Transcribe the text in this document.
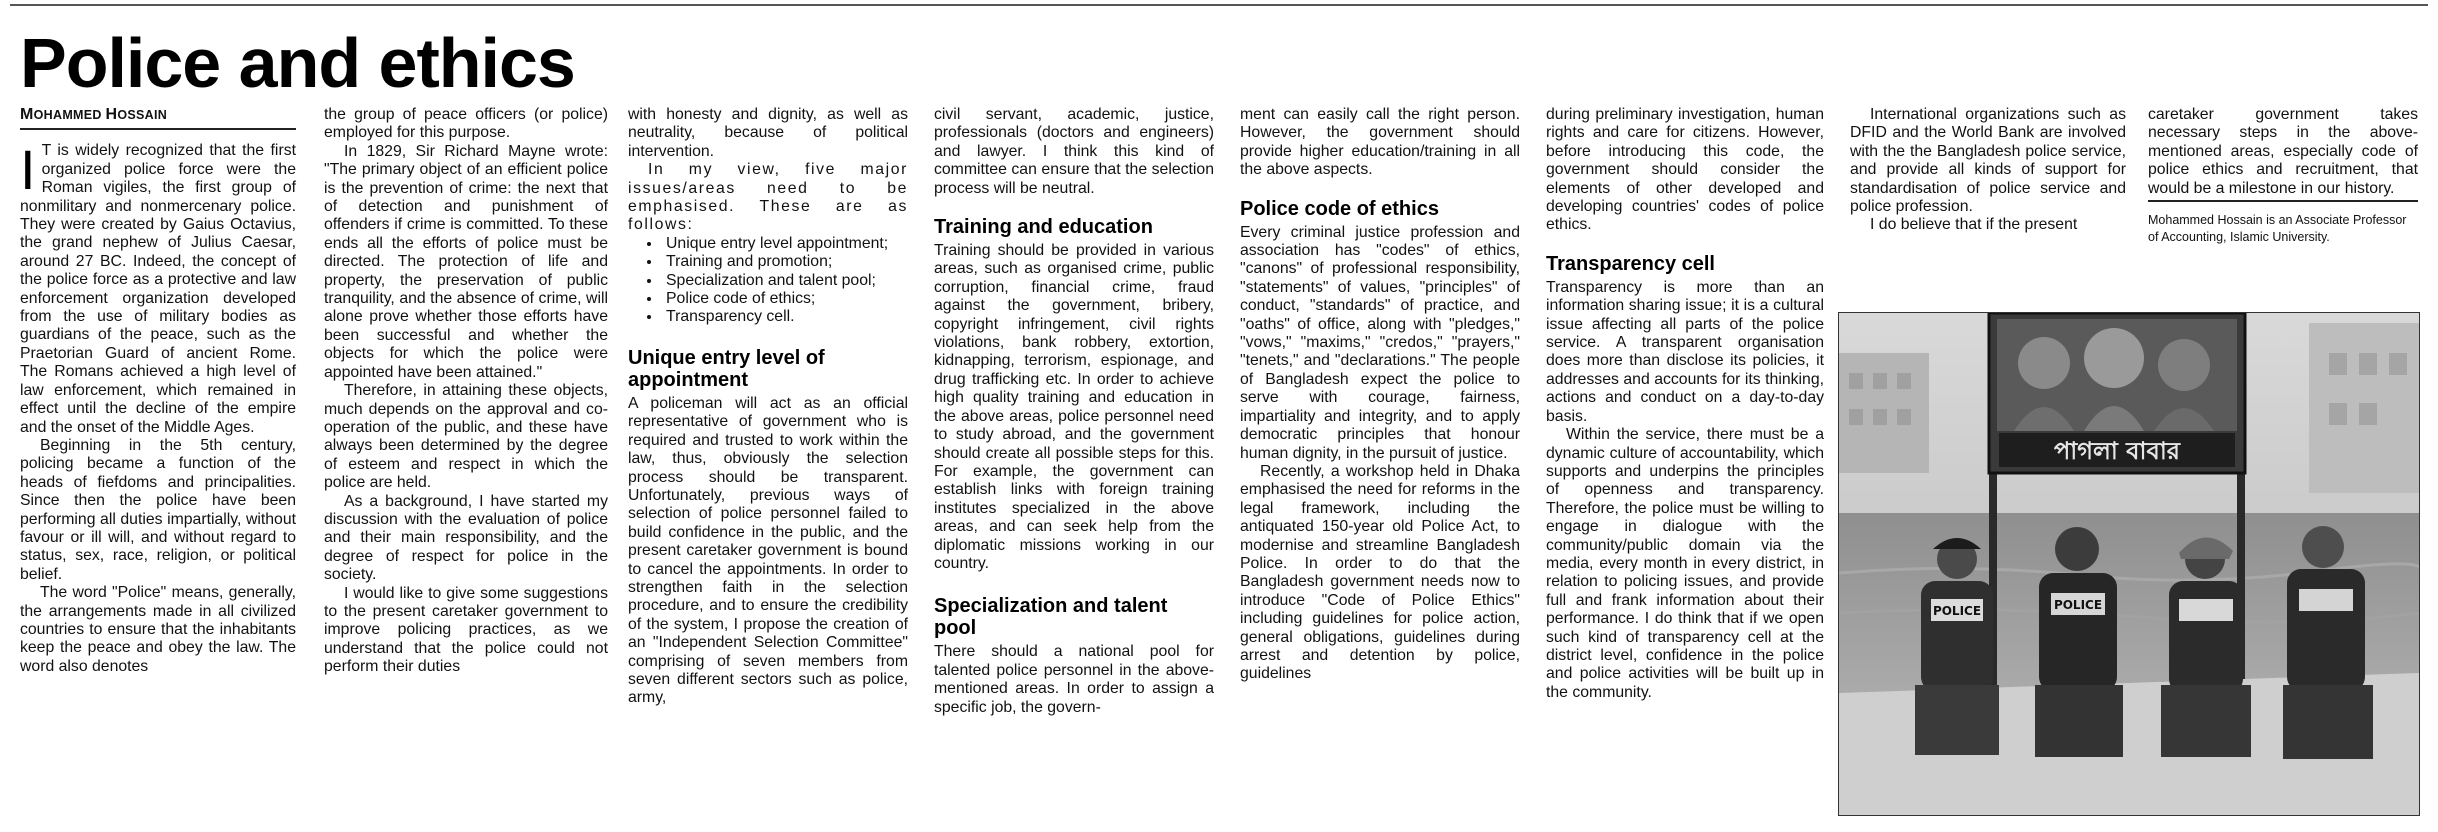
Police and ethics
MOHAMMED HOSSAIN

I T is widely recognized that the first organized police force were the Roman vigiles, the first group of nonmilitary and nonmercenary police. They were created by Gaius Octavius, the grand nephew of Julius Caesar, around 27 BC. Indeed, the concept of the police force as a protective and law enforcement organization developed from the use of military bodies as guardians of the peace, such as the Praetorian Guard of ancient Rome. The Romans achieved a high level of law enforcement, which remained in effect until the decline of the empire and the onset of the Middle Ages.

Beginning in the 5th century, policing became a function of the heads of fiefdoms and principalities. Since then the police have been performing all duties impartially, without favour or ill will, and without regard to status, sex, race, religion, or political belief.

The word "Police" means, generally, the arrangements made in all civilized countries to ensure that the inhabitants keep the peace and obey the law. The word also denotes

the group of peace officers (or police) employed for this purpose.

In 1829, Sir Richard Mayne wrote: "The primary object of an efficient police is the prevention of crime: the next that of detection and punishment of offenders if crime is committed. To these ends all the efforts of police must be directed. The protection of life and property, the preservation of public tranquility, and the absence of crime, will alone prove whether those efforts have been successful and whether the objects for which the police were appointed have been attained."

Therefore, in attaining these objects, much depends on the approval and co-operation of the public, and these have always been determined by the degree of esteem and respect in which the police are held.

As a background, I have started my discussion with the evaluation of police and their main responsibility, and the degree of respect for police in the society.

I would like to give some suggestions to the present caretaker government to improve policing practices, as we understand that the police could not perform their duties

with honesty and dignity, as well as neutrality, because of political intervention.

In my view, five major issues/areas need to be emphasised. These are as follows:

• Unique entry level appointment;
• Training and promotion;
• Specialization and talent pool;
• Police code of ethics;
• Transparency cell.
Unique entry level of appointment

A policeman will act as an official representative of government who is required and trusted to work within the law, thus, obviously the selection process should be transparent. Unfortunately, previous ways of selection of police personnel failed to build confidence in the public, and the present caretaker government is bound to cancel the appointments. In order to strengthen faith in the selection procedure, and to ensure the credibility of the system, I propose the creation of an "Independent Selection Committee" comprising of seven members from seven different sectors such as police, army,

civil servant, academic, justice, professionals (doctors and engineers) and lawyer. I think this kind of committee can ensure that the selection process will be neutral.

Training and education

Training should be provided in various areas, such as organised crime, public corruption, financial crime, fraud against the government, bribery, copyright infringement, civil rights violations, bank robbery, extortion, kidnapping, terrorism, espionage, and drug trafficking etc. In order to achieve high quality training and education in the above areas, police personnel need to study abroad, and the government should create all possible steps for this. For example, the government can establish links with foreign training institutes specialized in the above areas, and can seek help from the diplomatic missions working in our country.

Specialization and talent pool

There should a national pool for talented police personnel in the above-mentioned areas. In order to assign a specific job, the govern-

ment can easily call the right person. However, the government should provide higher education/training in all the above aspects.

Police code of ethics

Every criminal justice profession and association has "codes" of ethics, "canons" of professional responsibility, "statements" of values, "principles" of conduct, "standards" of practice, and "oaths" of office, along with "pledges," "vows," "maxims," "credos," "prayers," "tenets," and "declarations." The people of Bangladesh expect the police to serve with courage, fairness, impartiality and integrity, and to apply democratic principles that honour human dignity, in the pursuit of justice.

Recently, a workshop held in Dhaka emphasised the need for reforms in the legal framework, including the antiquated 150-year old Police Act, to modernise and streamline Bangladesh Police. In order to do that the Bangladesh government needs now to introduce "Code of Police Ethics" including guidelines for police action, general obligations, guidelines during arrest and detention by police, guidelines

during preliminary investigation, human rights and care for citizens. However, before introducing this code, the government should consider the elements of other developed and developing countries' codes of police ethics.

Transparency cell

Transparency is more than an information sharing issue; it is a cultural issue affecting all parts of the police service. A transparent organisation does more than disclose its policies, it addresses and accounts for its thinking, actions and conduct on a day-to-day basis.

Within the service, there must be a dynamic culture of accountability, which supports and underpins the principles of openness and transparency. Therefore, the police must be willing to engage in dialogue with the community/public domain via the media, every month in every district, in relation to policing issues, and provide full and frank information about their performance. I do think that if we open such kind of transparency cell at the district level, confidence in the police and police activities will be built up in the community.

International organizations such as DFID and the World Bank are involved with the the Bangladesh police service, and provide all kinds of support for standardisation of police service and police profession.

I do believe that if the present

caretaker government takes necessary steps in the above-mentioned areas, especially code of police ethics and recruitment, that would be a milestone in our history.

Mohammed Hossain is an Associate Professor of Accounting, Islamic University.
পাগলা বাবার
POLICE	POLICE
